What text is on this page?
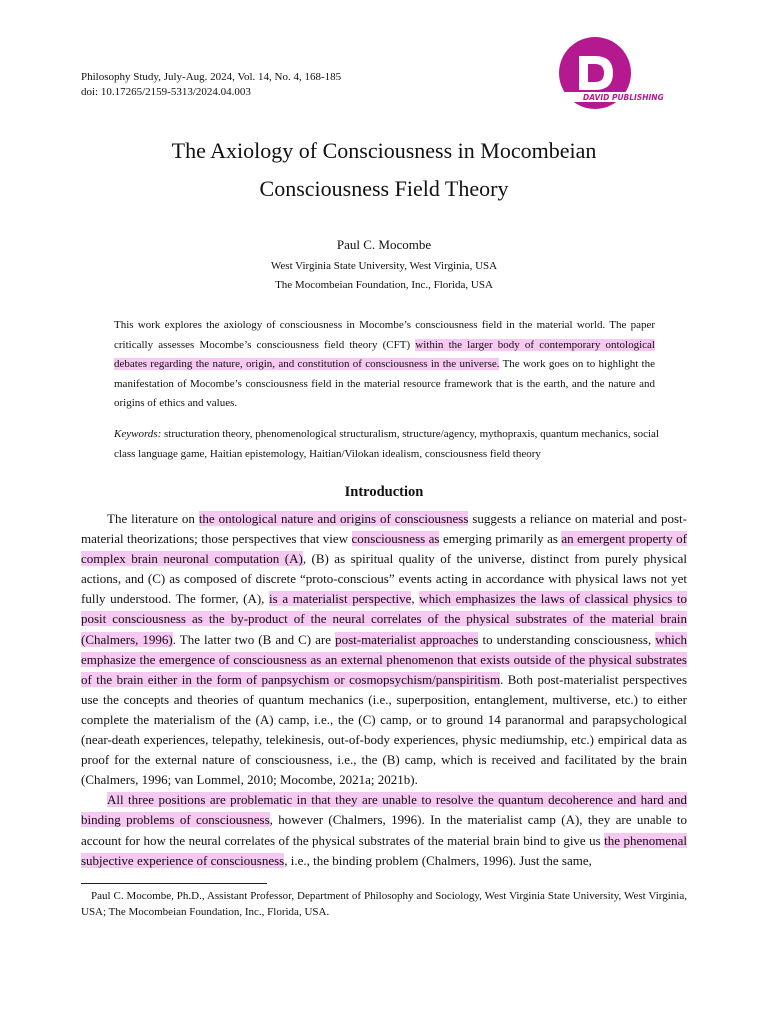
Philosophy Study, July-Aug. 2024, Vol. 14, No. 4, 168-185
doi: 10.17265/2159-5313/2024.04.003	DAVID PUBLISHING
The Axiology of Consciousness in Mocombeian
Consciousness Field Theory
Paul C. Mocombe
West Virginia State University, West Virginia, USA
The Mocombeian Foundation, Inc., Florida, USA
This work explores the axiology of consciousness in Mocombe’s consciousness field in the material world. The paper critically assesses Mocombe’s consciousness field theory (CFT) within the larger body of contemporary ontological debates regarding the nature, origin, and constitution of consciousness in the universe. The work goes on to highlight the manifestation of Mocombe’s consciousness field in the material resource framework that is the earth, and the nature and origins of ethics and values.
Keywords: structuration theory, phenomenological structuralism, structure/agency, mythopraxis, quantum mechanics, social class language game, Haitian epistemology, Haitian/Vilokan idealism, consciousness field theory
Introduction

The literature on the ontological nature and origins of consciousness suggests a reliance on material and post-material theorizations; those perspectives that view consciousness as emerging primarily as an emergent property of complex brain neuronal computation (A), (B) as spiritual quality of the universe, distinct from purely physical actions, and (C) as composed of discrete “proto-conscious” events acting in accordance with physical laws not yet fully understood. The former, (A), is a materialist perspective, which emphasizes the laws of classical physics to posit consciousness as the by-product of the neural correlates of the physical substrates of the material brain (Chalmers, 1996). The latter two (B and C) are post-materialist approaches to understanding consciousness, which emphasize the emergence of consciousness as an external phenomenon that exists outside of the physical substrates of the brain either in the form of panpsychism or cosmopsychism/panspiritism. Both post-materialist perspectives use the concepts and theories of quantum mechanics (i.e., superposition, entanglement, multiverse, etc.) to either complete the materialism of the (A) camp, i.e., the (C) camp, or to ground 14 paranormal and parapsychological (near-death experiences, telepathy, telekinesis, out-of-body experiences, physic mediumship, etc.) empirical data as proof for the external nature of consciousness, i.e., the (B) camp, which is received and facilitated by the brain (Chalmers, 1996; van Lommel, 2010; Mocombe, 2021a; 2021b).

All three positions are problematic in that they are unable to resolve the quantum decoherence and hard and binding problems of consciousness, however (Chalmers, 1996). In the materialist camp (A), they are unable to account for how the neural correlates of the physical substrates of the material brain bind to give us the phenomenal subjective experience of consciousness, i.e., the binding problem (Chalmers, 1996). Just the same,

Paul C. Mocombe, Ph.D., Assistant Professor, Department of Philosophy and Sociology, West Virginia State University, West Virginia, USA; The Mocombeian Foundation, Inc., Florida, USA.
